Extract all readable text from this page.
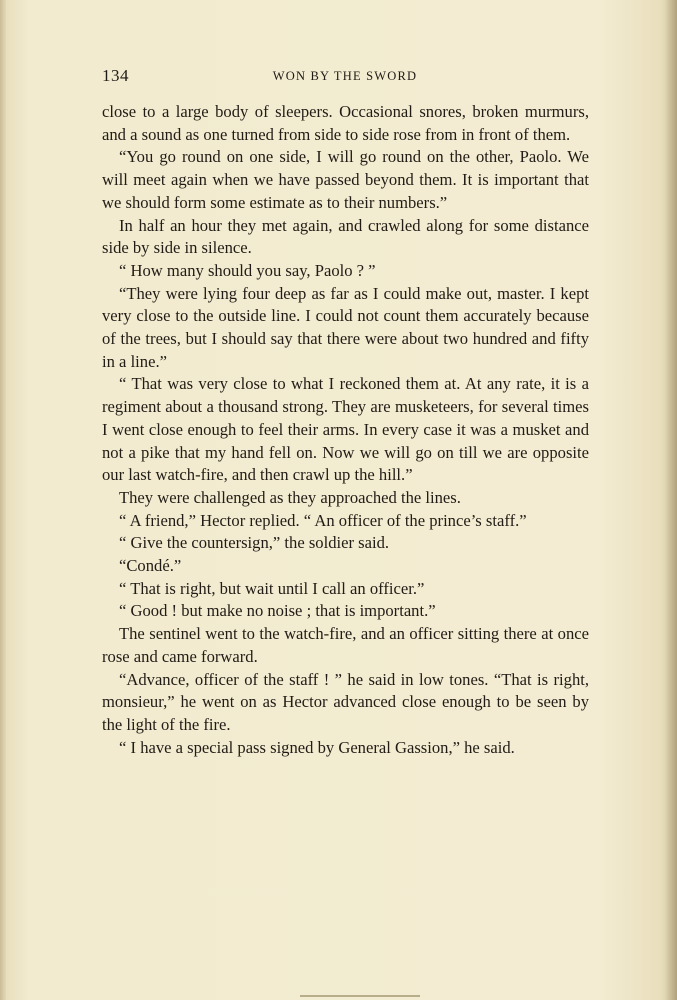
134	WON BY THE SWORD

close to a large body of sleepers. Occasional snores, broken murmurs, and a sound as one turned from side to side rose from in front of them.

“You go round on one side, I will go round on the other, Paolo. We will meet again when we have passed beyond them. It is important that we should form some estimate as to their numbers.”

In half an hour they met again, and crawled along for some distance side by side in silence.

“ How many should you say, Paolo ? ”

“They were lying four deep as far as I could make out, master. I kept very close to the outside line. I could not count them accurately because of the trees, but I should say that there were about two hundred and fifty in a line.”

“ That was very close to what I reckoned them at. At any rate, it is a regiment about a thousand strong. They are musketeers, for several times I went close enough to feel their arms. In every case it was a musket and not a pike that my hand fell on. Now we will go on till we are opposite our last watch-fire, and then crawl up the hill.”

They were challenged as they approached the lines.

“ A friend,” Hector replied. “ An officer of the prince’s staff.”

“ Give the countersign,” the soldier said.

“Condé.”

“ That is right, but wait until I call an officer.”

“ Good ! but make no noise ; that is important.”

The sentinel went to the watch-fire, and an officer sitting there at once rose and came forward.

“Advance, officer of the staff ! ” he said in low tones. “That is right, monsieur,” he went on as Hector advanced close enough to be seen by the light of the fire.

“ I have a special pass signed by General Gassion,” he said.
